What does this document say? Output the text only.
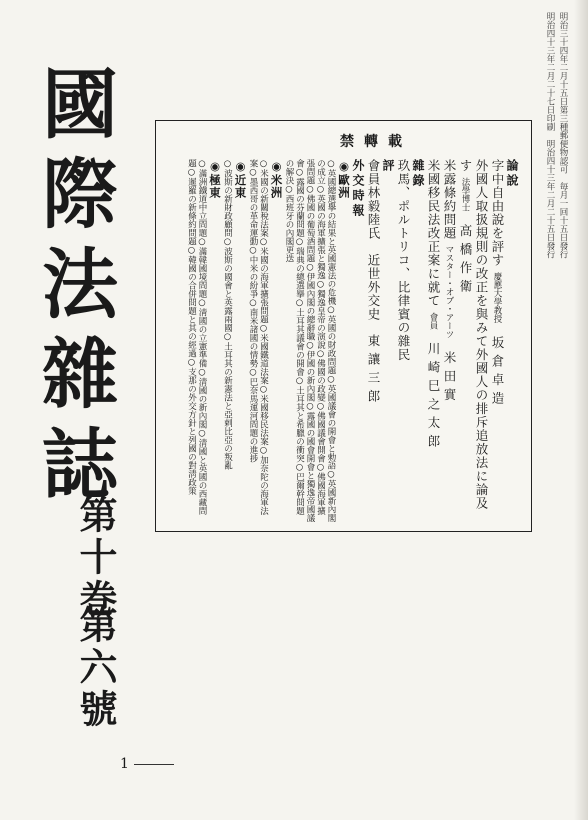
明治三十四年二月十五日第三種郵便物認可　毎月一回十五日發行
明治四十三年二月二十七日印刷　明治四十三年二月二十五日發行
國
際
法
雜
誌
第十巻
第六號
1
禁轉載
論說
字中自由說を評す 慶應大學教授 坂倉卓造
外國人取扱規則の改正を與みて外國人の排斥追放法に論及す 法學博士 高橋作衛
米露條約問題 マスター・オブ・アーツ 米田實
米國移民法改正案に就て 會員 川崎巳之太郎
雜錄
玖馬、ポルトリコ、比律賓の雜民
評
會員林毅陸氏　近世外交史 東讓三郎
外交時報
◉歐洲
○英國總選擧の結果と英國憲法の危機○英國の財政問題○英國議會の開會と勅語○英國新內閣の成立○英國の海軍擴張と獨逸○獨逸皇帝の演說○佛國の政變○佛國議會開會○佛國海軍擴張問題○佛國の葡萄酒問題○伊國內閣の總辭職○伊國の新內閣○露國の國會開會と獨逸帝國議會○露國の芬蘭問題○瑞典の總選擧○土耳其議會の開會○土耳其と希臘の衝突○巴爾幹問題の解決○西班牙の內閣更迭
◉米洲
○米國の新關稅法案○米國の海軍擴張問題○米國鐵道法案○米國移民法案○加奈陀の海軍法案○墨西哥の革命運動○中米の紛爭○南米諸國の情勢○巴奈馬運河問題の進捗
◉近東
○波斯の新財政顧問○波斯の國會と英露兩國○土耳其の新憲法と亞剌比亞の叛亂
◉極東
○滿洲鐵道中立問題○滿韓國境問題○淸國の立憲準備○淸國の新內閣○淸國と英國の西藏問題○暹羅の新條約問題○韓國の合併問題と其の經過○支那の外交方針と列國の對淸政策
